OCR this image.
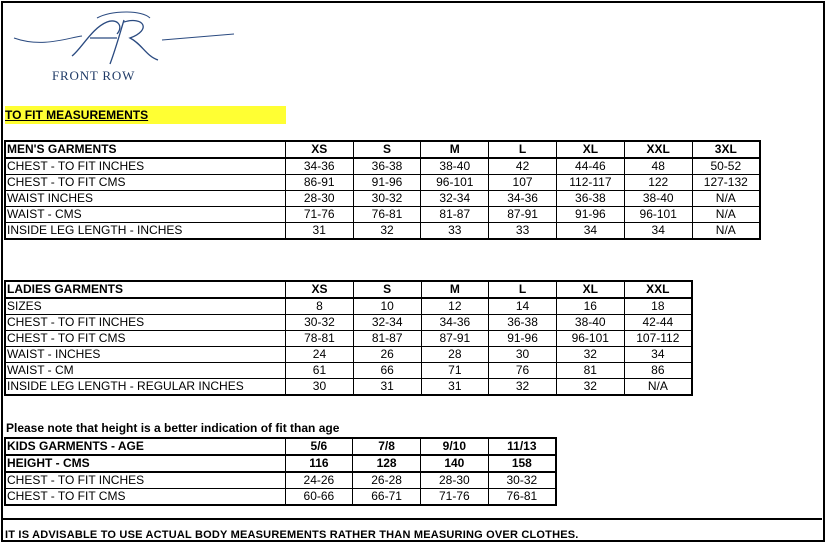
FRONT ROW
TO FIT MEASUREMENTS
MEN'S GARMENTS	XS	S	M	L	XL	XXL	3XL
CHEST - TO FIT INCHES	34-36	36-38	38-40	42	44-46	48	50-52
CHEST - TO FIT CMS	86-91	91-96	96-101	107	112-117	122	127-132
WAIST INCHES	28-30	30-32	32-34	34-36	36-38	38-40	N/A
WAIST - CMS	71-76	76-81	81-87	87-91	91-96	96-101	N/A
INSIDE LEG LENGTH - INCHES	31	32	33	33	34	34	N/A
LADIES GARMENTS	XS	S	M	L	XL	XXL
SIZES	8	10	12	14	16	18
CHEST - TO FIT INCHES	30-32	32-34	34-36	36-38	38-40	42-44
CHEST - TO FIT CMS	78-81	81-87	87-91	91-96	96-101	107-112
WAIST - INCHES	24	26	28	30	32	34
WAIST - CM	61	66	71	76	81	86
INSIDE LEG LENGTH - REGULAR INCHES	30	31	31	32	32	N/A
Please note that height is a better indication of fit than age
KIDS GARMENTS - AGE	5/6	7/8	9/10	11/13
HEIGHT - CMS	116	128	140	158
CHEST - TO FIT INCHES	24-26	26-28	28-30	30-32
CHEST - TO FIT CMS	60-66	66-71	71-76	76-81
IT IS ADVISABLE TO USE ACTUAL BODY MEASUREMENTS RATHER THAN MEASURING OVER CLOTHES.
